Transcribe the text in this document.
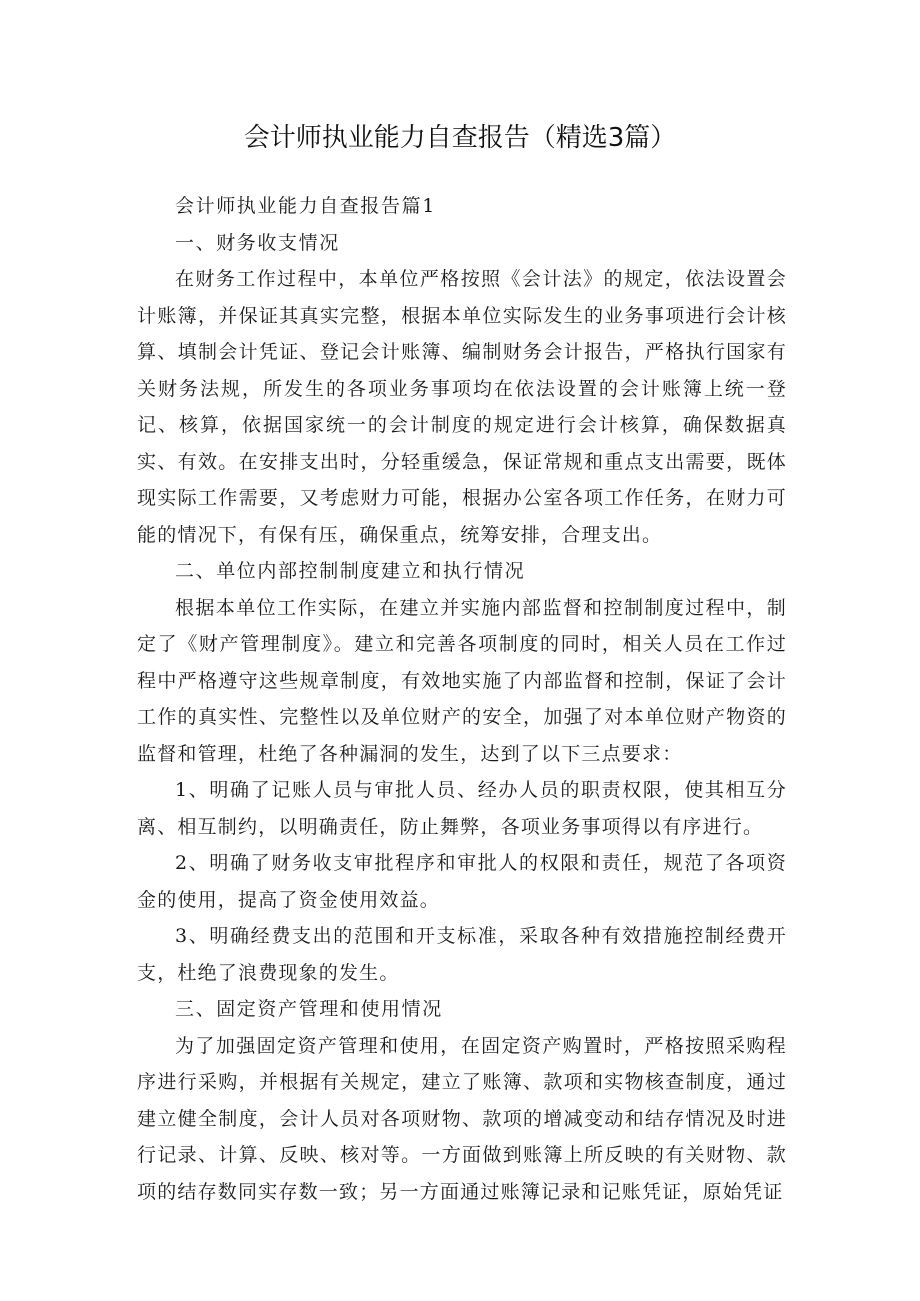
会计师执业能力自查报告（精选3篇）

会计师执业能力自查报告篇1

一、财务收支情况

在财务工作过程中，本单位严格按照《会计法》的规定，依法设置会计账簿，并保证其真实完整，根据本单位实际发生的业务事项进行会计核算、填制会计凭证、登记会计账簿、编制财务会计报告，严格执行国家有关财务法规，所发生的各项业务事项均在依法设置的会计账簿上统一登记、核算，依据国家统一的会计制度的规定进行会计核算，确保数据真实、有效。在安排支出时，分轻重缓急，保证常规和重点支出需要，既体现实际工作需要，又考虑财力可能，根据办公室各项工作任务，在财力可能的情况下，有保有压，确保重点，统筹安排，合理支出。

二、单位内部控制制度建立和执行情况

根据本单位工作实际，在建立并实施内部监督和控制制度过程中，制定了《财产管理制度》。建立和完善各项制度的同时，相关人员在工作过程中严格遵守这些规章制度，有效地实施了内部监督和控制，保证了会计工作的真实性、完整性以及单位财产的安全，加强了对本单位财产物资的监督和管理，杜绝了各种漏洞的发生，达到了以下三点要求：

1、明确了记账人员与审批人员、经办人员的职责权限，使其相互分离、相互制约，以明确责任，防止舞弊，各项业务事项得以有序进行。

2、明确了财务收支审批程序和审批人的权限和责任，规范了各项资金的使用，提高了资金使用效益。

3、明确经费支出的范围和开支标准，采取各种有效措施控制经费开支，杜绝了浪费现象的发生。

三、固定资产管理和使用情况

为了加强固定资产管理和使用，在固定资产购置时，严格按照采购程序进行采购，并根据有关规定，建立了账簿、款项和实物核查制度，通过建立健全制度，会计人员对各项财物、款项的增减变动和结存情况及时进行记录、计算、反映、核对等。一方面做到账簿上所反映的有关财物、款项的结存数同实存数一致；另一方面通过账簿记录和记账凭证，原始凭证
